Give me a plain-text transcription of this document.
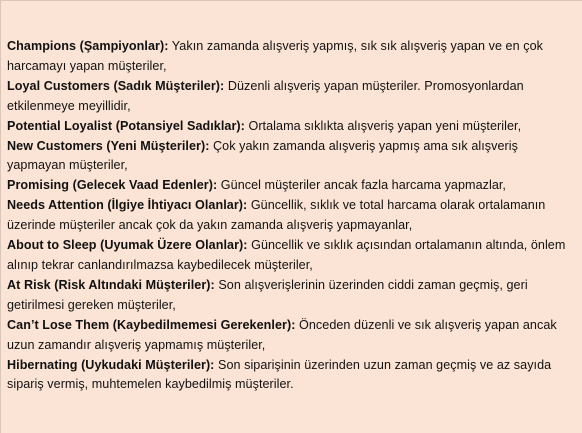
Champions (Şampiyonlar): Yakın zamanda alışveriş yapmış, sık sık alışveriş yapan ve en çok harcamayı yapan müşteriler,

Loyal Customers (Sadık Müşteriler): Düzenli alışveriş yapan müşteriler. Promosyonlardan etkilenmeye meyillidir,

Potential Loyalist (Potansiyel Sadıklar): Ortalama sıklıkta alışveriş yapan yeni müşteriler,

New Customers (Yeni Müşteriler): Çok yakın zamanda alışveriş yapmış ama sık alışveriş yapmayan müşteriler,

Promising (Gelecek Vaad Edenler): Güncel müşteriler ancak fazla harcama yapmazlar,

Needs Attention (İlgiye İhtiyacı Olanlar): Güncellik, sıklık ve total harcama olarak ortalamanın üzerinde müşteriler ancak çok da yakın zamanda alışveriş yapmayanlar,

About to Sleep (Uyumak Üzere Olanlar): Güncellik ve sıklık açısından ortalamanın altında, önlem alınıp tekrar canlandırılmazsa kaybedilecek müşteriler,

At Risk (Risk Altındaki Müşteriler): Son alışverişlerinin üzerinden ciddi zaman geçmiş, geri getirilmesi gereken müşteriler,

Can’t Lose Them (Kaybedilmemesi Gerekenler): Önceden düzenli ve sık alışveriş yapan ancak uzun zamandır alışveriş yapmamış müşteriler,

Hibernating (Uykudaki Müşteriler): Son siparişinin üzerinden uzun zaman geçmiş ve az sayıda sipariş vermiş, muhtemelen kaybedilmiş müşteriler.
